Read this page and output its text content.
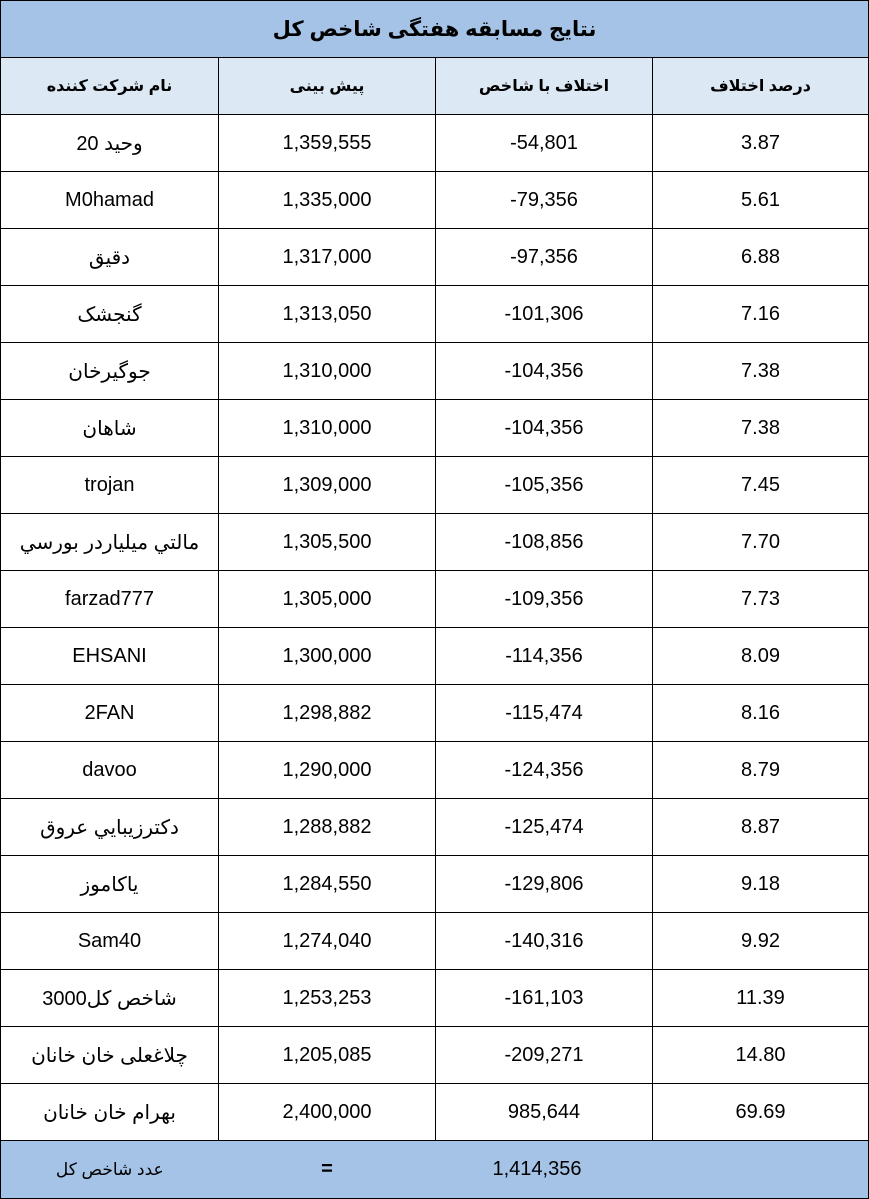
نتایج مسابقه هفتگی شاخص کل			
نام شرکت کننده	پیش بینی	اختلاف با شاخص	درصد اختلاف
وحید 20	1,359,555	-54,801	3.87
M0hamad	1,335,000	-79,356	5.61
دقیق	1,317,000	-97,356	6.88
گنجشک	1,313,050	-101,306	7.16
جوگیرخان	1,310,000	-104,356	7.38
شاهان	1,310,000	-104,356	7.38
trojan	1,309,000	-105,356	7.45
مالتي ميلياردر بورسي	1,305,500	-108,856	7.70
farzad777	1,305,000	-109,356	7.73
EHSANI	1,300,000	-114,356	8.09
2FAN	1,298,882	-115,474	8.16
davoo	1,290,000	-124,356	8.79
دکترزيبايي عروق	1,288,882	-125,474	8.87
یاکاموز	1,284,550	-129,806	9.18
Sam40	1,274,040	-140,316	9.92
شاخص کل3000	1,253,253	-161,103	11.39
چلاغعلی خان خانان	1,205,085	-209,271	14.80
بهرام خان خانان	2,400,000	985,644	69.69
عدد شاخص کل	=	1,414,356	
